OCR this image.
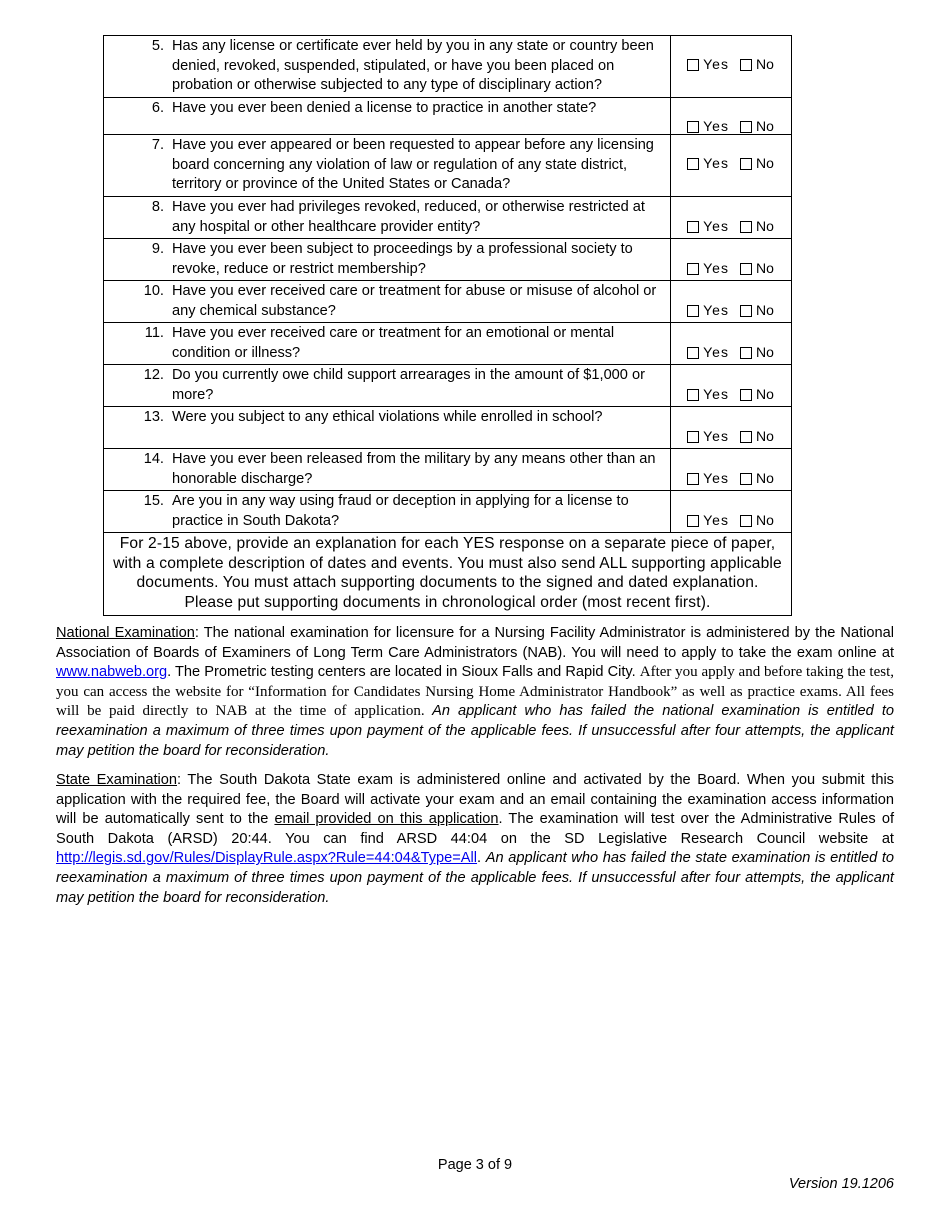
5. Has any license or certificate ever held by you in any state or country been denied, revoked, suspended, stipulated, or have you been placed on probation or otherwise subjected to any type of disciplinary action?	Yes No

6. Have you ever been denied a license to practice in another state?	Yes No

7. Have you ever appeared or been requested to appear before any licensing board concerning any violation of law or regulation of any state district, territory or province of the United States or Canada?	Yes No

8. Have you ever had privileges revoked, reduced, or otherwise restricted at any hospital or other healthcare provider entity?	Yes No

9. Have you ever been subject to proceedings by a professional society to revoke, reduce or restrict membership?	Yes No

10. Have you ever received care or treatment for abuse or misuse of alcohol or any chemical substance?	Yes No

11. Have you ever received care or treatment for an emotional or mental condition or illness?	Yes No

12. Do you currently owe child support arrearages in the amount of $1,000 or more?	Yes No

13. Were you subject to any ethical violations while enrolled in school?	Yes No

14. Have you ever been released from the military by any means other than an honorable discharge?	Yes No

15. Are you in any way using fraud or deception in applying for a license to practice in South Dakota?	Yes No

For 2-15 above, provide an explanation for each YES response on a separate piece of paper, with a complete description of dates and events. You must also send ALL supporting applicable documents. You must attach supporting documents to the signed and dated explanation. Please put supporting documents in chronological order (most recent first).	
National Examination: The national examination for licensure for a Nursing Facility Administrator is administered by the National Association of Boards of Examiners of Long Term Care Administrators (NAB). You will need to apply to take the exam online at www.nabweb.org. The Prometric testing centers are located in Sioux Falls and Rapid City. After you apply and before taking the test, you can access the website for “Information for Candidates Nursing Home Administrator Handbook” as well as practice exams. All fees will be paid directly to NAB at the time of application. An applicant who has failed the national examination is entitled to reexamination a maximum of three times upon payment of the applicable fees. If unsuccessful after four attempts, the applicant may petition the board for reconsideration.
State Examination: The South Dakota State exam is administered online and activated by the Board. When you submit this application with the required fee, the Board will activate your exam and an email containing the examination access information will be automatically sent to the email provided on this application. The examination will test over the Administrative Rules of South Dakota (ARSD) 20:44. You can find ARSD 44:04 on the SD Legislative Research Council website at http://legis.sd.gov/Rules/DisplayRule.aspx?Rule=44:04&Type=All. An applicant who has failed the state examination is entitled to reexamination a maximum of three times upon payment of the applicable fees. If unsuccessful after four attempts, the applicant may petition the board for reconsideration.
Page 3 of 9
Version 19.1206
